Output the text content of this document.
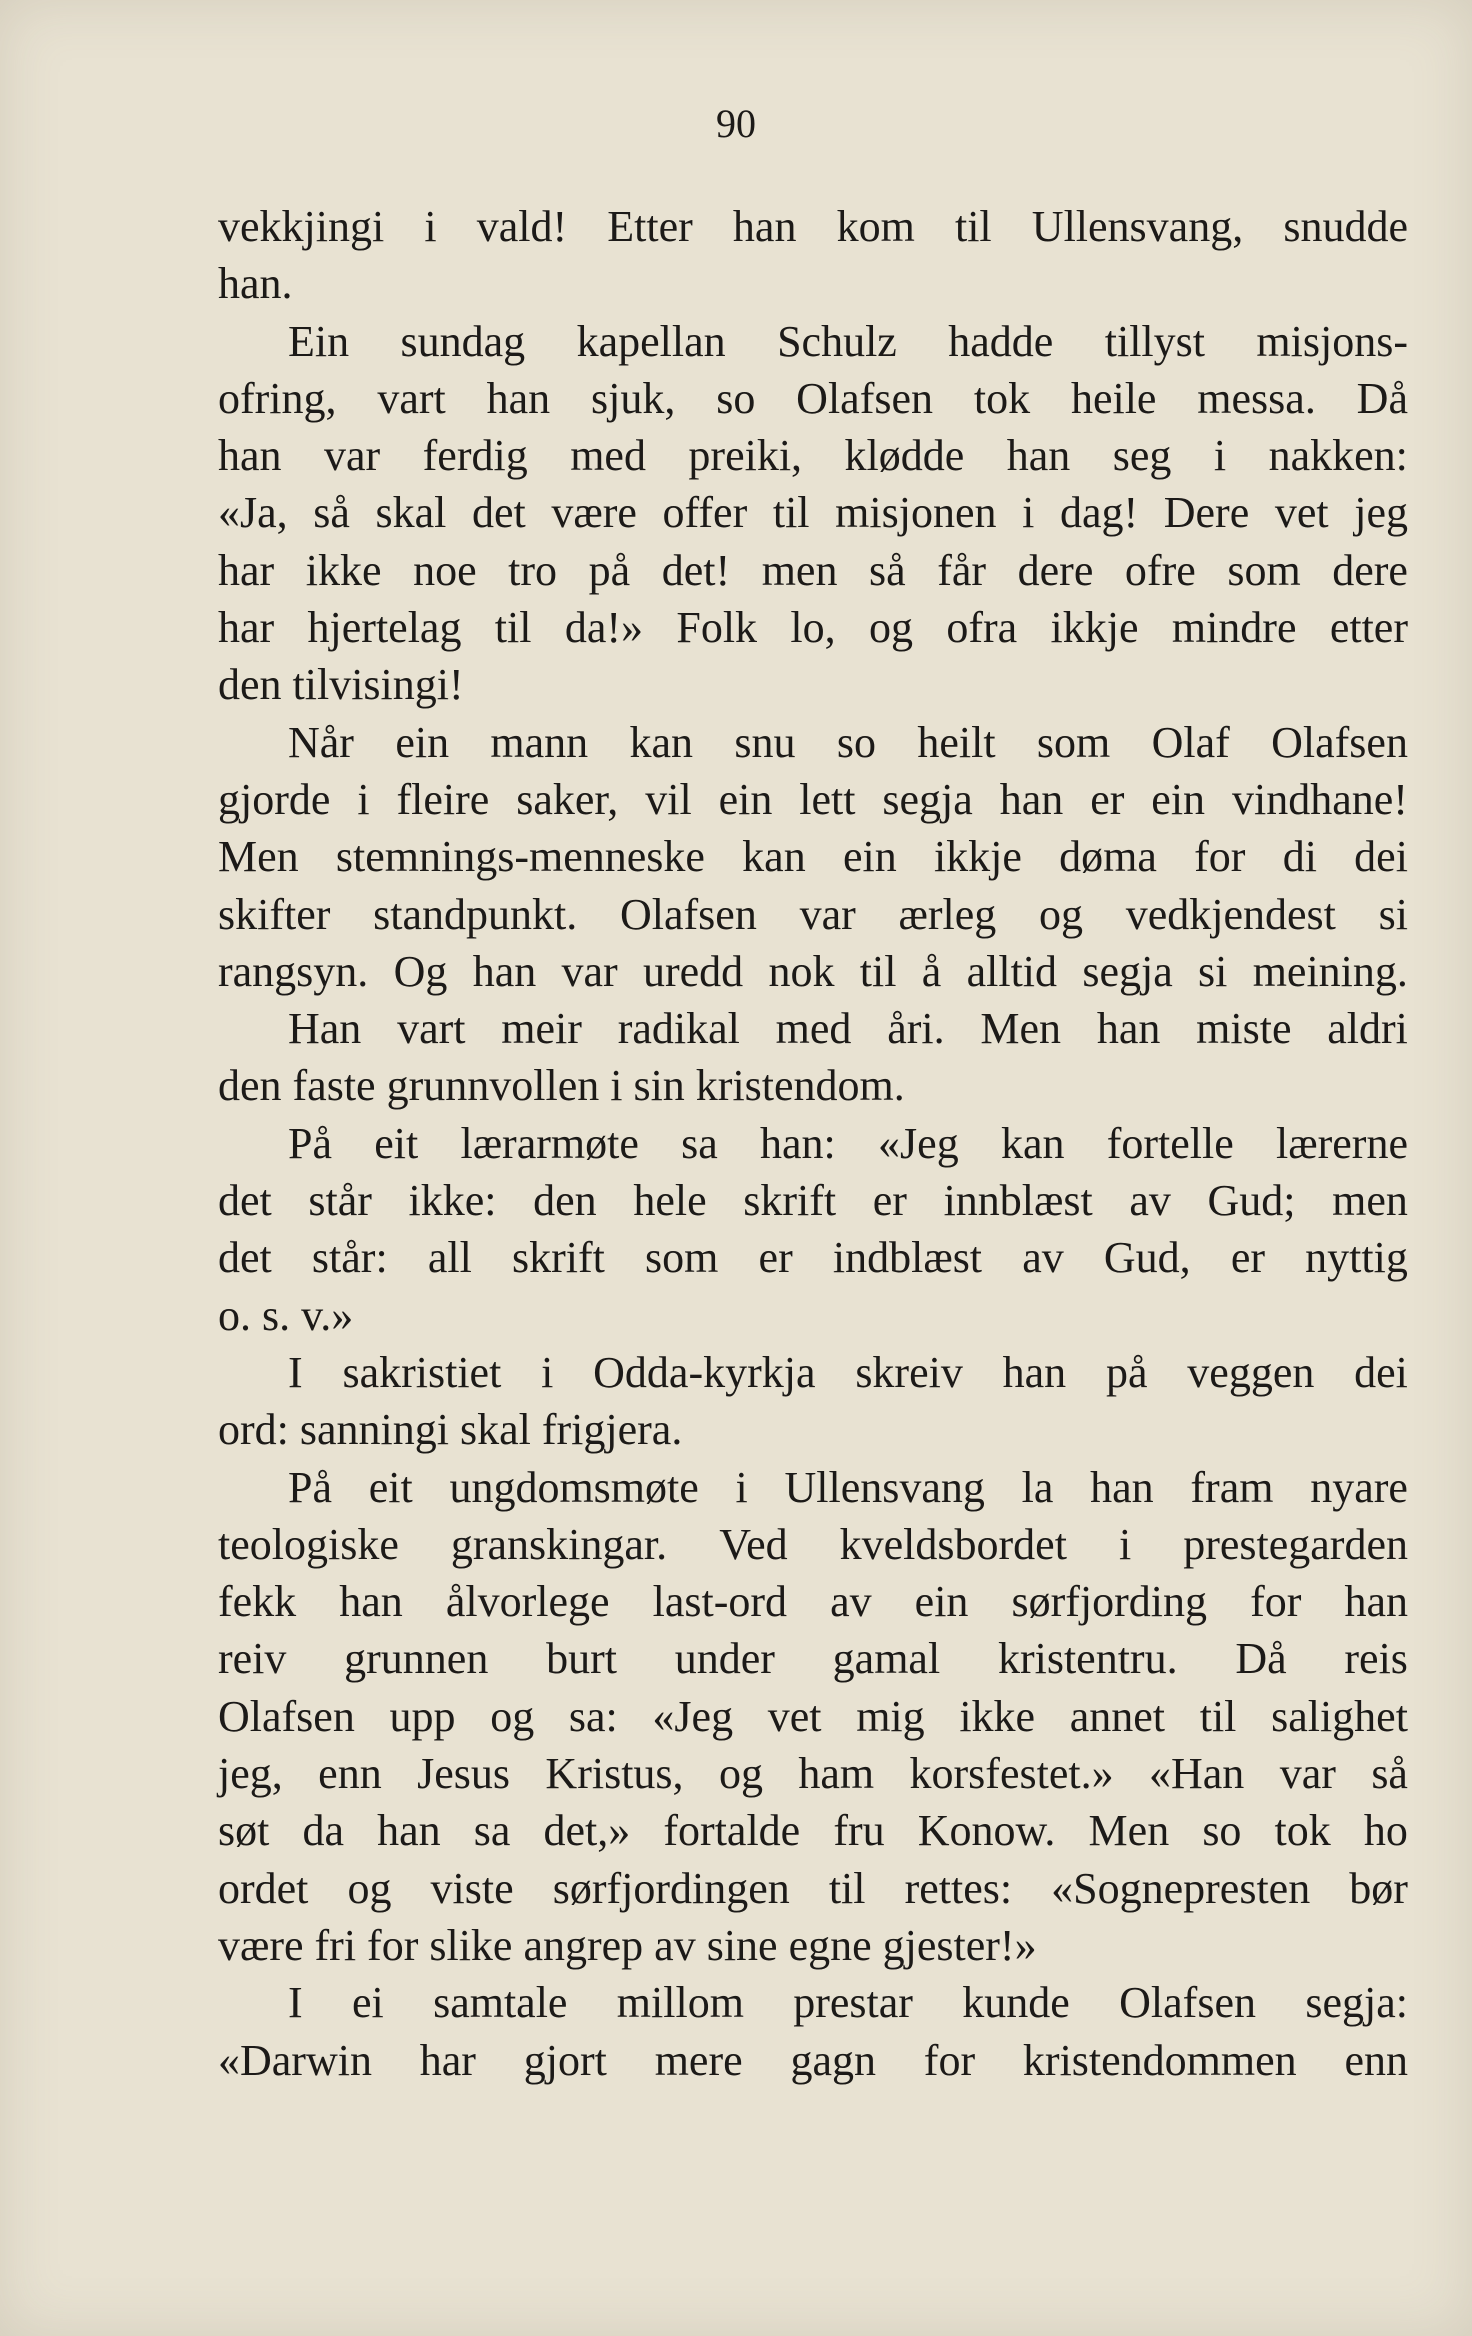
90
vekkjingi i vald! Etter han kom til Ullensvang, snudde
han.
Ein sundag kapellan Schulz hadde tillyst misjons-
ofring, vart han sjuk, so Olafsen tok heile messa. Då
han var ferdig med preiki, klødde han seg i nakken:
«Ja, så skal det være offer til misjonen i dag! Dere vet jeg
har ikke noe tro på det! men så får dere ofre som dere
har hjertelag til da!» Folk lo, og ofra ikkje mindre etter
den tilvisingi!
Når ein mann kan snu so heilt som Olaf Olafsen
gjorde i fleire saker, vil ein lett segja han er ein vindhane!
Men stemnings-menneske kan ein ikkje døma for di dei
skifter standpunkt. Olafsen var ærleg og vedkjendest si
rangsyn. Og han var uredd nok til å alltid segja si meining.
Han vart meir radikal med åri. Men han miste aldri
den faste grunnvollen i sin kristendom.
På eit lærarmøte sa han: «Jeg kan fortelle lærerne
det står ikke: den hele skrift er innblæst av Gud; men
det står: all skrift som er indblæst av Gud, er nyttig
o. s. v.»
I sakristiet i Odda-kyrkja skreiv han på veggen dei
ord: sanningi skal frigjera.
På eit ungdomsmøte i Ullensvang la han fram nyare
teologiske granskingar. Ved kveldsbordet i prestegarden
fekk han ålvorlege last-ord av ein sørfjording for han
reiv grunnen burt under gamal kristentru. Då reis
Olafsen upp og sa: «Jeg vet mig ikke annet til salighet
jeg, enn Jesus Kristus, og ham korsfestet.» «Han var så
søt da han sa det,» fortalde fru Konow. Men so tok ho
ordet og viste sørfjordingen til rettes: «Sognepresten bør
være fri for slike angrep av sine egne gjester!»
I ei samtale millom prestar kunde Olafsen segja:
«Darwin har gjort mere gagn for kristendommen enn
